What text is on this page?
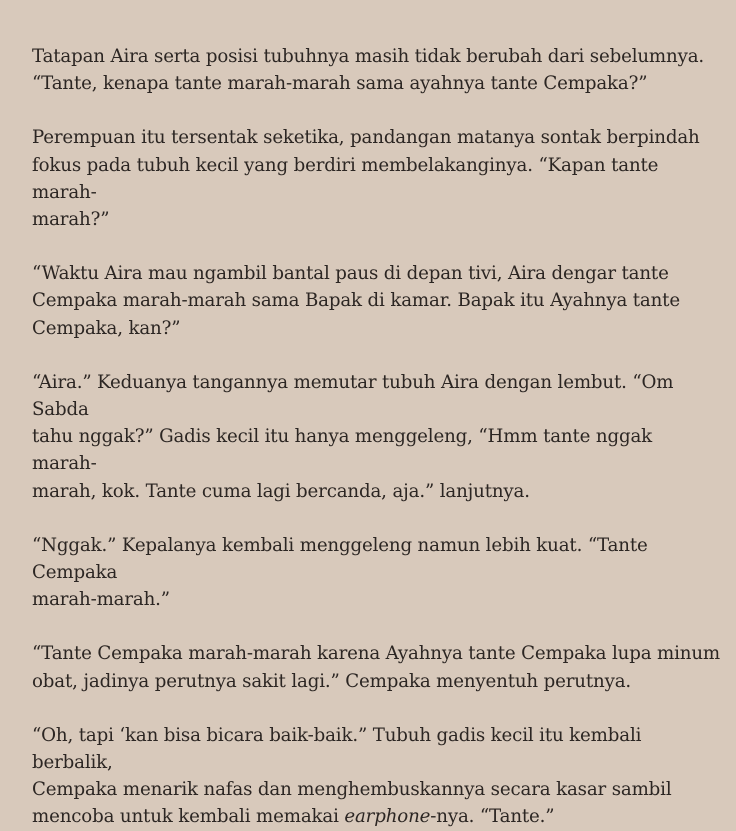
Tatapan Aira serta posisi tubuhnya masih tidak berubah dari sebelumnya.
“Tante, kenapa tante marah-marah sama ayahnya tante Cempaka?”

Perempuan itu tersentak seketika, pandangan matanya sontak berpindah
fokus pada tubuh kecil yang berdiri membelakanginya. “Kapan tante marah-
marah?”

“Waktu Aira mau ngambil bantal paus di depan tivi, Aira dengar tante
Cempaka marah-marah sama Bapak di kamar. Bapak itu Ayahnya tante
Cempaka, kan?”

“Aira.” Keduanya tangannya memutar tubuh Aira dengan lembut. “Om Sabda
tahu nggak?” Gadis kecil itu hanya menggeleng, “Hmm tante nggak marah-
marah, kok. Tante cuma lagi bercanda, aja.” lanjutnya.

“Nggak.” Kepalanya kembali menggeleng namun lebih kuat. “Tante Cempaka
marah-marah.”

“Tante Cempaka marah-marah karena Ayahnya tante Cempaka lupa minum
obat, jadinya perutnya sakit lagi.” Cempaka menyentuh perutnya.

“Oh, tapi ‘kan bisa bicara baik-baik.” Tubuh gadis kecil itu kembali berbalik,
Cempaka menarik nafas dan menghembuskannya secara kasar sambil
mencoba untuk kembali memakai earphone-nya. “Tante.”
